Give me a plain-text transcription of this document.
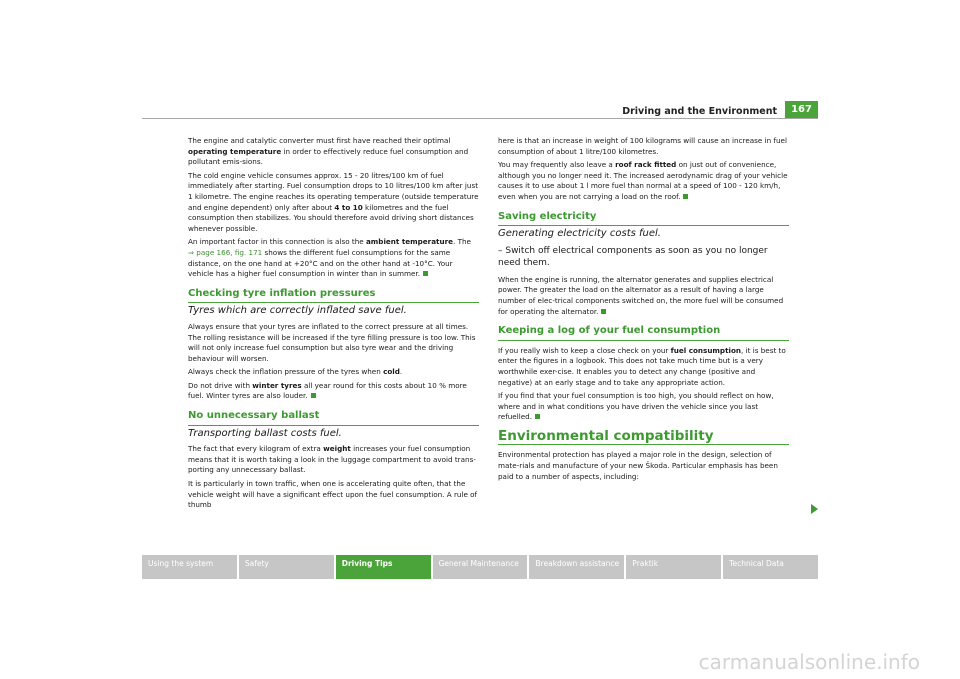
Driving and the Environment	167

The engine and catalytic converter must first have reached their optimal operating temperature in order to effectively reduce fuel consumption and pollutant emis-sions.

The cold engine vehicle consumes approx. 15 - 20 litres/100 km of fuel immediately after starting. Fuel consumption drops to 10 litres/100 km after just 1 kilometre. The engine reaches its operating temperature (outside temperature and engine dependent) only after about 4 to 10 kilometres and the fuel consumption then stabilizes. You should therefore avoid driving short distances whenever possible.

An important factor in this connection is also the ambient temperature. The
⇒ page 166, fig. 171 shows the different fuel consumptions for the same distance, on the one hand at +20°C and on the other hand at -10°C. Your vehicle has a higher fuel consumption in winter than in summer.

Checking tyre inflation pressures
Tyres which are correctly inflated save fuel.

Always ensure that your tyres are inflated to the correct pressure at all times. The rolling resistance will be increased if the tyre filling pressure is too low. This will not only increase fuel consumption but also tyre wear and the driving behaviour will worsen.

Always check the inflation pressure of the tyres when cold.

Do not drive with winter tyres all year round for this costs about 10 % more fuel. Winter tyres are also louder.

No unnecessary ballast
Transporting ballast costs fuel.

The fact that every kilogram of extra weight increases your fuel consumption means that it is worth taking a look in the luggage compartment to avoid trans-porting any unnecessary ballast.

It is particularly in town traffic, when one is accelerating quite often, that the vehicle weight will have a significant effect upon the fuel consumption. A rule of thumb

here is that an increase in weight of 100 kilograms will cause an increase in fuel consumption of about 1 litre/100 kilometres.

You may frequently also leave a roof rack fitted on just out of convenience, although you no longer need it. The increased aerodynamic drag of your vehicle causes it to use about 1 l more fuel than normal at a speed of 100 - 120 km/h, even when you are not carrying a load on the roof.

Saving electricity
Generating electricity costs fuel.

– Switch off electrical components as soon as you no longer need them.

When the engine is running, the alternator generates and supplies electrical power. The greater the load on the alternator as a result of having a large number of elec-trical components switched on, the more fuel will be consumed for operating the alternator.

Keeping a log of your fuel consumption

If you really wish to keep a close check on your fuel consumption, it is best to enter the figures in a logbook. This does not take much time but is a very worthwhile exer-cise. It enables you to detect any change (positive and negative) at an early stage and to take any appropriate action.

If you find that your fuel consumption is too high, you should reflect on how, where and in what conditions you have driven the vehicle since you last refuelled.

Environmental compatibility

Environmental protection has played a major role in the design, selection of mate-rials and manufacture of your new Škoda. Particular emphasis has been paid to a number of aspects, including:

Using the system	Safety	Driving Tips	General Maintenance	Breakdown assistance	Praktik	Technical Data
carmanualsonline.info
